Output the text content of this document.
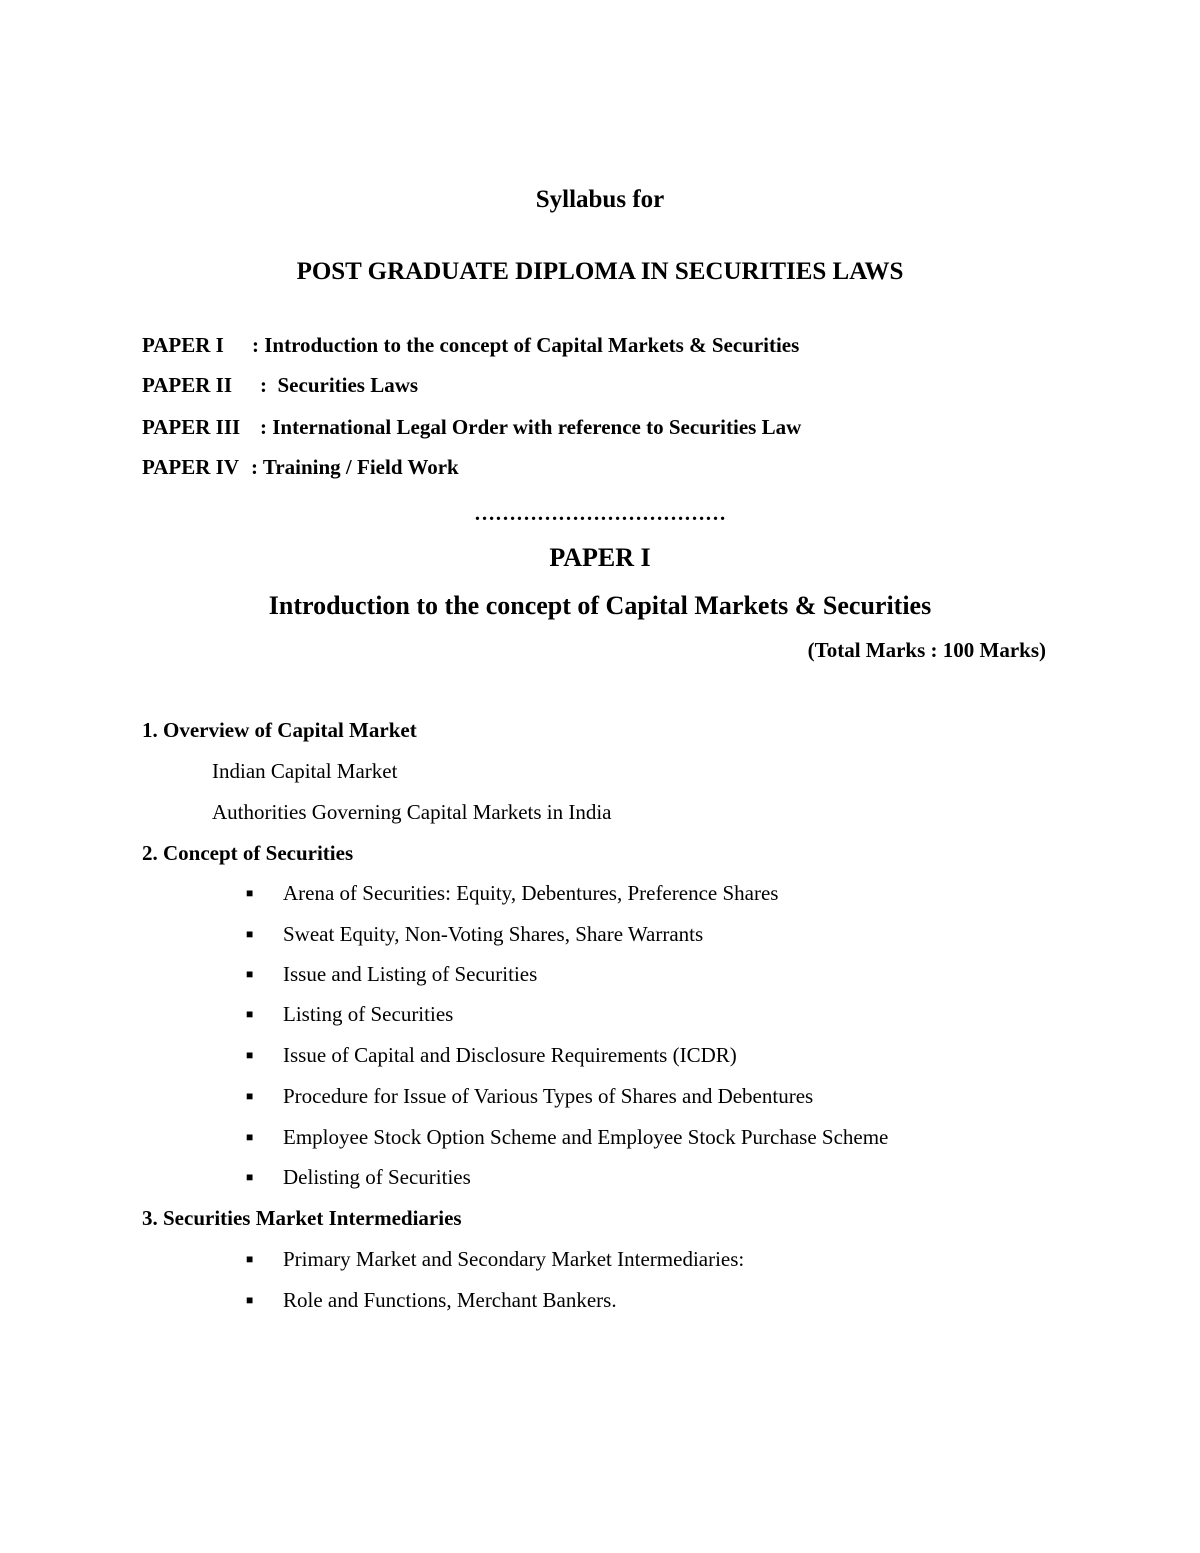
Syllabus for
POST GRADUATE DIPLOMA IN SECURITIES LAWS
PAPER I : Introduction to the concept of Capital Markets & Securities
PAPER II : Securities Laws
PAPER III : International Legal Order with reference to Securities Law
PAPER IV : Training / Field Work
………………………………
PAPER I
Introduction to the concept of Capital Markets & Securities
(Total Marks : 100 Marks)
1. Overview of Capital Market
Indian Capital Market
Authorities Governing Capital Markets in India
2. Concept of Securities
■ Arena of Securities: Equity, Debentures, Preference Shares
■ Sweat Equity, Non-Voting Shares, Share Warrants
■ Issue and Listing of Securities
■ Listing of Securities
■ Issue of Capital and Disclosure Requirements (ICDR)
■ Procedure for Issue of Various Types of Shares and Debentures
■ Employee Stock Option Scheme and Employee Stock Purchase Scheme
■ Delisting of Securities
3. Securities Market Intermediaries
■ Primary Market and Secondary Market Intermediaries:
■ Role and Functions, Merchant Bankers.
